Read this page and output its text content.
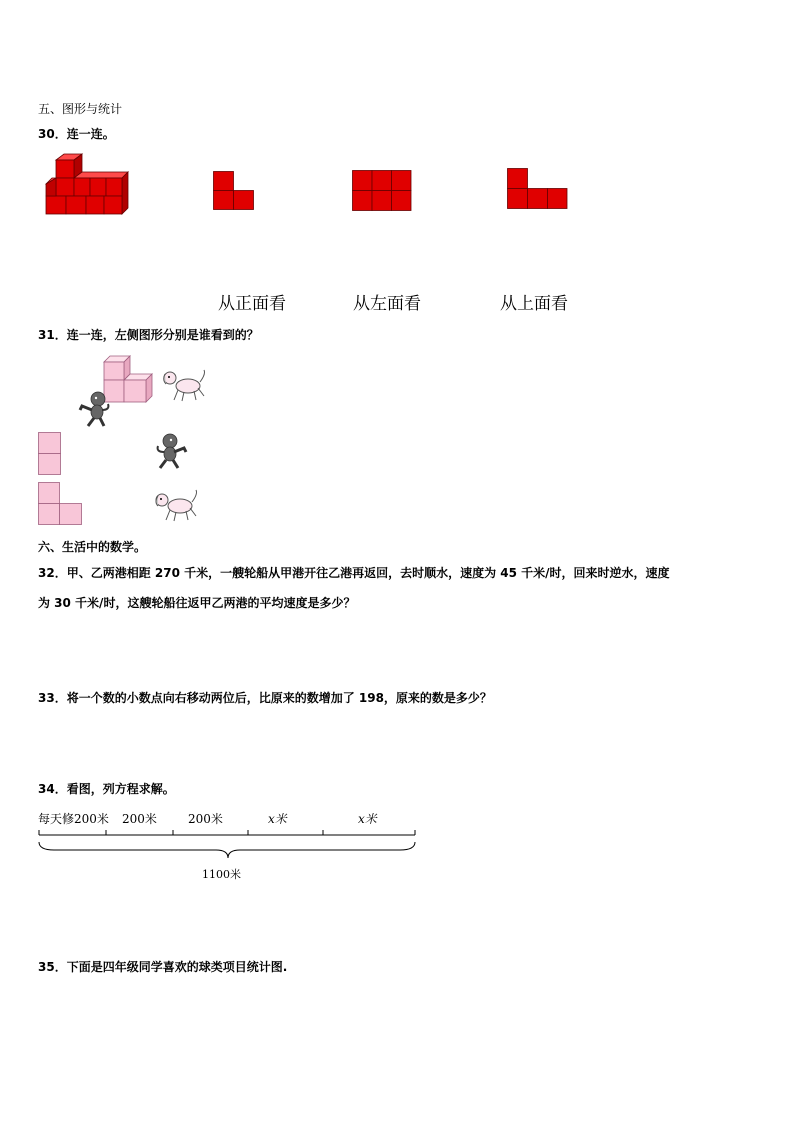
五、图形与统计
30．连一连。
从正面看	从左面看	从上面看
31．连一连，左侧图形分别是谁看到的？
六、生活中的数学。
32．甲、乙两港相距 270 千米，一艘轮船从甲港开往乙港再返回，去时顺水，速度为 45 千米/时，回来时逆水，速度
为 30 千米/时，这艘轮船往返甲乙两港的平均速度是多少？
33．将一个数的小数点向右移动两位后，比原来的数增加了 198，原来的数是多少？
34．看图，列方程求解。
每天修200米 200米	200米	x米	x米
1100米
35．下面是四年级同学喜欢的球类项目统计图.
